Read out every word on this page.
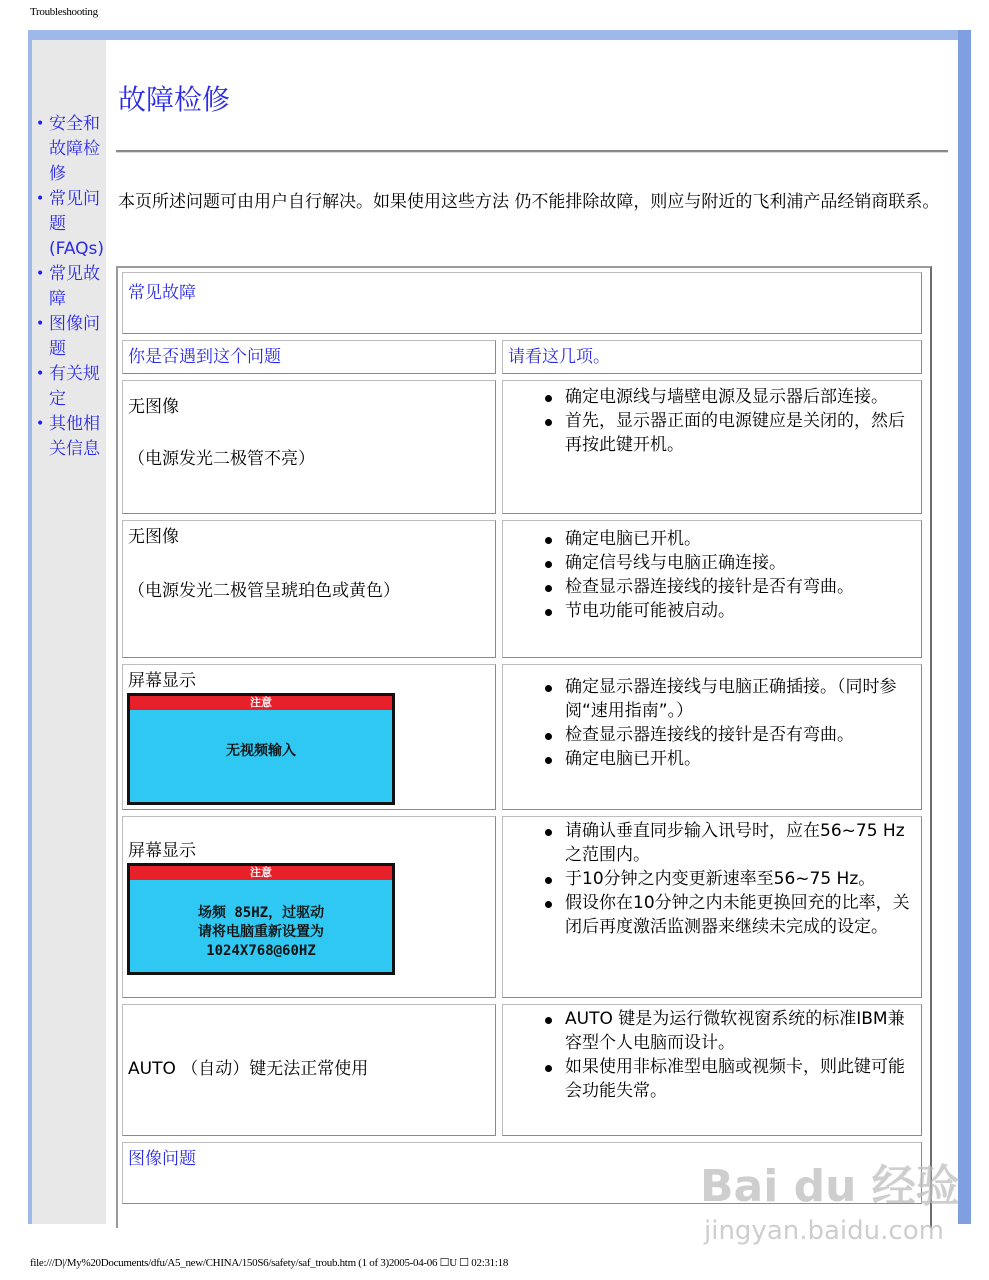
Troubleshooting
• 安全和故障检修
• 常见问题(FAQs)
• 常见故障
• 图像问题
• 有关规定
• 其他相关信息
故障检修

本页所述问题可由用户自行解决。如果使用这些方法 仍不能排除故障，则应与附近的飞利浦产品经销商联系。

常见故障
你是否遇到这个问题	请看这几项。
无图像
（电源发光二极管不亮）
确定电源线与墙壁电源及显示器后部连接。
首先，显示器正面的电源键应是关闭的，然后再按此键开机。
无图像
（电源发光二极管呈琥珀色或黄色）
确定电脑已开机。
确定信号线与电脑正确连接。
检查显示器连接线的接针是否有弯曲。
节电功能可能被启动。
屏幕显示
注意
无视频输入
确定显示器连接线与电脑正确插接。（同时参阅“速用指南”。）
检查显示器连接线的接针是否有弯曲。
确定电脑已开机。
屏幕显示
注意
场频 85HZ，过驱动
请将电脑重新设置为
1024X768@60HZ
请确认垂直同步输入讯号时，应在56~75 Hz之范围内。
于10分钟之内变更新速率至56~75 Hz。
假设你在10分钟之内未能更换回充的比率，关闭后再度激活监测器来继续未完成的设定。
AUTO （自动）键无法正常使用
AUTO 键是为运行微软视窗系统的标准IBM兼容型个人电脑而设计。
如果使用非标准型电脑或视频卡，则此键可能会功能失常。
图像问题
Bai du 经验
jingyan.baidu.com
file:///D|/My%20Documents/dfu/A5_new/CHINA/150S6/safety/saf_troub.htm (1 of 3)2005-04-06 ☐U ☐ 02:31:18
